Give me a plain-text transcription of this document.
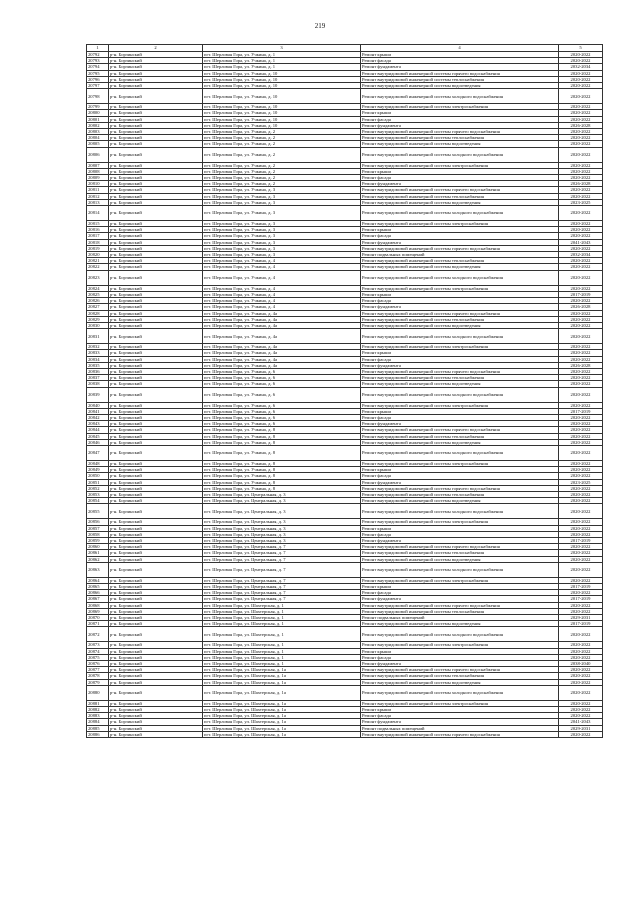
219
1	2	3	4	5
20792	р-н. Борзинский	пгт. Шерловая Гора, ул. Учкина, д. 1	Ремонт крыши	2020-2022
20793	р-н. Борзинский	пгт. Шерловая Гора, ул. Учкина, д. 1	Ремонт фасада	2020-2022
20794	р-н. Борзинский	пгт. Шерловая Гора, ул. Учкина, д. 1	Ремонт фундамента	2032-2034
20795	р-н. Борзинский	пгт. Шерловая Гора, ул. Учкина, д. 10	Ремонт внутридомовой инженерной системы горячего водоснабжения	2020-2022
20796	р-н. Борзинский	пгт. Шерловая Гора, ул. Учкина, д. 10	Ремонт внутридомовой инженерной системы теплоснабжения	2020-2022
20797	р-н. Борзинский	пгт. Шерловая Гора, ул. Учкина, д. 10	Ремонт внутридомовой инженерной системы водоотведения	2020-2022
20798	р-н. Борзинский	пгт. Шерловая Гора, ул. Учкина, д. 10	Ремонт внутридомовой инженерной системы холодного водоснабжения	2020-2022
20799	р-н. Борзинский	пгт. Шерловая Гора, ул. Учкина, д. 10	Ремонт внутридомовой инженерной системы электроснабжения	2020-2022
20800	р-н. Борзинский	пгт. Шерловая Гора, ул. Учкина, д. 10	Ремонт крыши	2020-2022
20801	р-н. Борзинский	пгт. Шерловая Гора, ул. Учкина, д. 10	Ремонт фасада	2020-2022
20802	р-н. Борзинский	пгт. Шерловая Гора, ул. Учкина, д. 10	Ремонт фундамента	2026-2028
20803	р-н. Борзинский	пгт. Шерловая Гора, ул. Учкина, д. 2	Ремонт внутридомовой инженерной системы горячего водоснабжения	2020-2022
20804	р-н. Борзинский	пгт. Шерловая Гора, ул. Учкина, д. 2	Ремонт внутридомовой инженерной системы теплоснабжения	2020-2022
20805	р-н. Борзинский	пгт. Шерловая Гора, ул. Учкина, д. 2	Ремонт внутридомовой инженерной системы водоотведения	2020-2022
20806	р-н. Борзинский	пгт. Шерловая Гора, ул. Учкина, д. 2	Ремонт внутридомовой инженерной системы холодного водоснабжения	2020-2022
20807	р-н. Борзинский	пгт. Шерловая Гора, ул. Учкина, д. 2	Ремонт внутридомовой инженерной системы электроснабжения	2020-2022
20808	р-н. Борзинский	пгт. Шерловая Гора, ул. Учкина, д. 2	Ремонт крыши	2020-2022
20809	р-н. Борзинский	пгт. Шерловая Гора, ул. Учкина, д. 2	Ремонт фасада	2020-2022
20810	р-н. Борзинский	пгт. Шерловая Гора, ул. Учкина, д. 2	Ремонт фундамента	2026-2028
20811	р-н. Борзинский	пгт. Шерловая Гора, ул. Учкина, д. 3	Ремонт внутридомовой инженерной системы горячего водоснабжения	2020-2022
20812	р-н. Борзинский	пгт. Шерловая Гора, ул. Учкина, д. 3	Ремонт внутридомовой инженерной системы теплоснабжения	2020-2022
20813	р-н. Борзинский	пгт. Шерловая Гора, ул. Учкина, д. 3	Ремонт внутридомовой инженерной системы водоотведения	2023-2025
20814	р-н. Борзинский	пгт. Шерловая Гора, ул. Учкина, д. 3	Ремонт внутридомовой инженерной системы холодного водоснабжения	2020-2022
20815	р-н. Борзинский	пгт. Шерловая Гора, ул. Учкина, д. 3	Ремонт внутридомовой инженерной системы электроснабжения	2020-2022
20816	р-н. Борзинский	пгт. Шерловая Гора, ул. Учкина, д. 3	Ремонт крыши	2020-2022
20817	р-н. Борзинский	пгт. Шерловая Гора, ул. Учкина, д. 3	Ремонт фасада	2020-2022
20818	р-н. Борзинский	пгт. Шерловая Гора, ул. Учкина, д. 3	Ремонт фундамента	2041-2043
20819	р-н. Борзинский	пгт. Шерловая Гора, ул. Учкина, д. 3	Ремонт внутридомовой инженерной системы горячего водоснабжения	2020-2022
20820	р-н. Борзинский	пгт. Шерловая Гора, ул. Учкина, д. 3	Ремонт подвальных помещений	2032-2034
20821	р-н. Борзинский	пгт. Шерловая Гора, ул. Учкина, д. 4	Ремонт внутридомовой инженерной системы теплоснабжения	2020-2022
20822	р-н. Борзинский	пгт. Шерловая Гора, ул. Учкина, д. 4	Ремонт внутридомовой инженерной системы водоотведения	2020-2022
20823	р-н. Борзинский	пгт. Шерловая Гора, ул. Учкина, д. 4	Ремонт внутридомовой инженерной системы холодного водоснабжения	2020-2022
20824	р-н. Борзинский	пгт. Шерловая Гора, ул. Учкина, д. 4	Ремонт внутридомовой инженерной системы электроснабжения	2020-2022
20825	р-н. Борзинский	пгт. Шерловая Гора, ул. Учкина, д. 4	Ремонт крыши	2017-2019
20826	р-н. Борзинский	пгт. Шерловая Гора, ул. Учкина, д. 4	Ремонт фасада	2020-2022
20827	р-н. Борзинский	пгт. Шерловая Гора, ул. Учкина, д. 4	Ремонт фундамента	2026-2028
20828	р-н. Борзинский	пгт. Шерловая Гора, ул. Учкина, д. 4а	Ремонт внутридомовой инженерной системы горячего водоснабжения	2020-2022
20829	р-н. Борзинский	пгт. Шерловая Гора, ул. Учкина, д. 4а	Ремонт внутридомовой инженерной системы теплоснабжения	2020-2022
20830	р-н. Борзинский	пгт. Шерловая Гора, ул. Учкина, д. 4а	Ремонт внутридомовой инженерной системы водоотведения	2020-2022
20831	р-н. Борзинский	пгт. Шерловая Гора, ул. Учкина, д. 4а	Ремонт внутридомовой инженерной системы холодного водоснабжения	2020-2022
20832	р-н. Борзинский	пгт. Шерловая Гора, ул. Учкина, д. 4а	Ремонт внутридомовой инженерной системы электроснабжения	2020-2022
20833	р-н. Борзинский	пгт. Шерловая Гора, ул. Учкина, д. 4а	Ремонт крыши	2020-2022
20834	р-н. Борзинский	пгт. Шерловая Гора, ул. Учкина, д. 4а	Ремонт фасада	2020-2022
20835	р-н. Борзинский	пгт. Шерловая Гора, ул. Учкина, д. 4а	Ремонт фундамента	2026-2028
20836	р-н. Борзинский	пгт. Шерловая Гора, ул. Учкина, д. 6	Ремонт внутридомовой инженерной системы горячего водоснабжения	2020-2022
20837	р-н. Борзинский	пгт. Шерловая Гора, ул. Учкина, д. 6	Ремонт внутридомовой инженерной системы теплоснабжения	2020-2022
20838	р-н. Борзинский	пгт. Шерловая Гора, ул. Учкина, д. 6	Ремонт внутридомовой инженерной системы водоотведения	2020-2022
20839	р-н. Борзинский	пгт. Шерловая Гора, ул. Учкина, д. 6	Ремонт внутридомовой инженерной системы холодного водоснабжения	2020-2022
20840	р-н. Борзинский	пгт. Шерловая Гора, ул. Учкина, д. 6	Ремонт внутридомовой инженерной системы электроснабжения	2020-2022
20841	р-н. Борзинский	пгт. Шерловая Гора, ул. Учкина, д. 6	Ремонт крыши	2017-2019
20842	р-н. Борзинский	пгт. Шерловая Гора, ул. Учкина, д. 6	Ремонт фасада	2020-2022
20843	р-н. Борзинский	пгт. Шерловая Гора, ул. Учкина, д. 6	Ремонт фундамента	2020-2022
20844	р-н. Борзинский	пгт. Шерловая Гора, ул. Учкина, д. 8	Ремонт внутридомовой инженерной системы горячего водоснабжения	2020-2022
20845	р-н. Борзинский	пгт. Шерловая Гора, ул. Учкина, д. 8	Ремонт внутридомовой инженерной системы теплоснабжения	2020-2022
20846	р-н. Борзинский	пгт. Шерловая Гора, ул. Учкина, д. 8	Ремонт внутридомовой инженерной системы водоотведения	2020-2022
20847	р-н. Борзинский	пгт. Шерловая Гора, ул. Учкина, д. 8	Ремонт внутридомовой инженерной системы холодного водоснабжения	2020-2022
20848	р-н. Борзинский	пгт. Шерловая Гора, ул. Учкина, д. 8	Ремонт внутридомовой инженерной системы электроснабжения	2020-2022
20849	р-н. Борзинский	пгт. Шерловая Гора, ул. Учкина, д. 8	Ремонт крыши	2020-2022
20850	р-н. Борзинский	пгт. Шерловая Гора, ул. Учкина, д. 8	Ремонт фасада	2020-2022
20851	р-н. Борзинский	пгт. Шерловая Гора, ул. Учкина, д. 8	Ремонт фундамента	2023-2025
20852	р-н. Борзинский	пгт. Шерловая Гора, ул. Учкина, д. 8	Ремонт внутридомовой инженерной системы горячего водоснабжения	2020-2022
20853	р-н. Борзинский	пгт. Шерловая Гора, ул. Центральная, д. 3	Ремонт внутридомовой инженерной системы теплоснабжения	2020-2022
20854	р-н. Борзинский	пгт. Шерловая Гора, ул. Центральная, д. 3	Ремонт внутридомовой инженерной системы водоотведения	2020-2022
20855	р-н. Борзинский	пгт. Шерловая Гора, ул. Центральная, д. 3	Ремонт внутридомовой инженерной системы холодного водоснабжения	2020-2022
20856	р-н. Борзинский	пгт. Шерловая Гора, ул. Центральная, д. 3	Ремонт внутридомовой инженерной системы электроснабжения	2020-2022
20857	р-н. Борзинский	пгт. Шерловая Гора, ул. Центральная, д. 3	Ремонт крыши	2020-2022
20858	р-н. Борзинский	пгт. Шерловая Гора, ул. Центральная, д. 3	Ремонт фасада	2020-2022
20859	р-н. Борзинский	пгт. Шерловая Гора, ул. Центральная, д. 3	Ремонт фундамента	2017-2019
20860	р-н. Борзинский	пгт. Шерловая Гора, ул. Центральная, д. 7	Ремонт внутридомовой инженерной системы горячего водоснабжения	2020-2022
20861	р-н. Борзинский	пгт. Шерловая Гора, ул. Центральная, д. 7	Ремонт внутридомовой инженерной системы теплоснабжения	2020-2022
20862	р-н. Борзинский	пгт. Шерловая Гора, ул. Центральная, д. 7	Ремонт внутридомовой инженерной системы водоотведения	2020-2022
20863	р-н. Борзинский	пгт. Шерловая Гора, ул. Центральная, д. 7	Ремонт внутридомовой инженерной системы холодного водоснабжения	2020-2022
20864	р-н. Борзинский	пгт. Шерловая Гора, ул. Центральная, д. 7	Ремонт внутридомовой инженерной системы электроснабжения	2020-2022
20865	р-н. Борзинский	пгт. Шерловая Гора, ул. Центральная, д. 7	Ремонт крыши	2017-2019
20866	р-н. Борзинский	пгт. Шерловая Гора, ул. Центральная, д. 7	Ремонт фасада	2020-2022
20867	р-н. Борзинский	пгт. Шерловая Гора, ул. Центральная, д. 7	Ремонт фундамента	2017-2019
20868	р-н. Борзинский	пгт. Шерловая Гора, ул. Шахтерская, д. 1	Ремонт внутридомовой инженерной системы горячего водоснабжения	2020-2022
20869	р-н. Борзинский	пгт. Шерловая Гора, ул. Шахтерская, д. 1	Ремонт внутридомовой инженерной системы теплоснабжения	2020-2022
20870	р-н. Борзинский	пгт. Шерловая Гора, ул. Шахтерская, д. 1	Ремонт подвальных помещений	2029-2031
20871	р-н. Борзинский	пгт. Шерловая Гора, ул. Шахтерская, д. 1	Ремонт внутридомовой инженерной системы водоотведения	2017-2019
20872	р-н. Борзинский	пгт. Шерловая Гора, ул. Шахтерская, д. 1	Ремонт внутридомовой инженерной системы холодного водоснабжения	2020-2022
20873	р-н. Борзинский	пгт. Шерловая Гора, ул. Шахтерская, д. 1	Ремонт внутридомовой инженерной системы электроснабжения	2020-2022
20874	р-н. Борзинский	пгт. Шерловая Гора, ул. Шахтерская, д. 1	Ремонт крыши	2020-2022
20875	р-н. Борзинский	пгт. Шерловая Гора, ул. Шахтерская, д. 1	Ремонт фасада	2020-2022
20876	р-н. Борзинский	пгт. Шерловая Гора, ул. Шахтерская, д. 1	Ремонт фундамента	2038-2040
20877	р-н. Борзинский	пгт. Шерловая Гора, ул. Шахтерская, д. 1а	Ремонт внутридомовой инженерной системы горячего водоснабжения	2020-2022
20878	р-н. Борзинский	пгт. Шерловая Гора, ул. Шахтерская, д. 1а	Ремонт внутридомовой инженерной системы теплоснабжения	2020-2022
20879	р-н. Борзинский	пгт. Шерловая Гора, ул. Шахтерская, д. 1а	Ремонт внутридомовой инженерной системы водоотведения	2020-2022
20880	р-н. Борзинский	пгт. Шерловая Гора, ул. Шахтерская, д. 1а	Ремонт внутридомовой инженерной системы холодного водоснабжения	2020-2022
20881	р-н. Борзинский	пгт. Шерловая Гора, ул. Шахтерская, д. 1а	Ремонт внутридомовой инженерной системы электроснабжения	2020-2022
20882	р-н. Борзинский	пгт. Шерловая Гора, ул. Шахтерская, д. 1а	Ремонт крыши	2020-2022
20883	р-н. Борзинский	пгт. Шерловая Гора, ул. Шахтерская, д. 1а	Ремонт фасада	2020-2022
20884	р-н. Борзинский	пгт. Шерловая Гора, ул. Шахтерская, д. 1а	Ремонт фундамента	2041-2043
20885	р-н. Борзинский	пгт. Шерловая Гора, ул. Шахтерская, д. 1а	Ремонт подвальных помещений	2029-2031
20886	р-н. Борзинский	пгт. Шерловая Гора, ул. Шахтерская, д. 1а	Ремонт внутридомовой инженерной системы горячего водоснабжения	2020-2022
